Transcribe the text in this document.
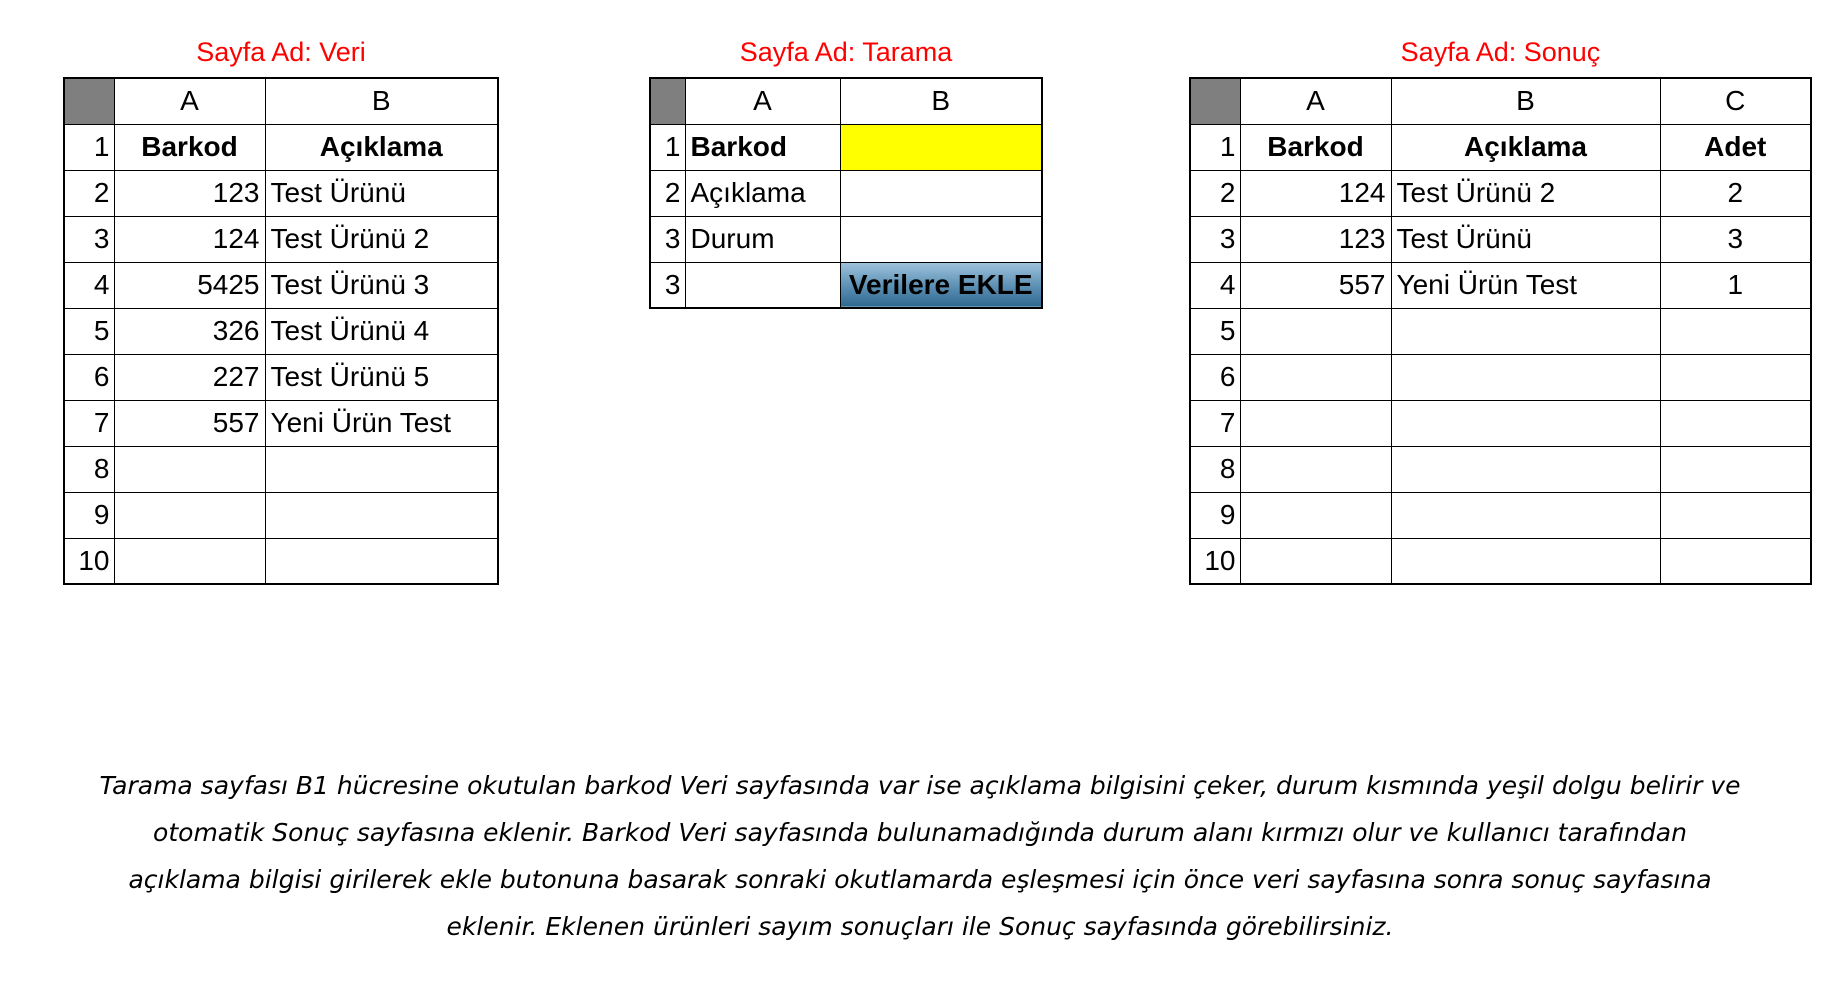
Sayfa Ad: Veri
	A	B
1	Barkod	Açıklama
2	123	Test Ürünü
3	124	Test Ürünü 2
4	5425	Test Ürünü 3
5	326	Test Ürünü 4
6	227	Test Ürünü 5
7	557	Yeni Ürün Test
8		
9		
10		
Sayfa Ad: Tarama
	A	B
1	Barkod	
2	Açıklama	
3	Durum	
3		Verilere EKLE
Sayfa Ad: Sonuç
	A	B	C
1	Barkod	Açıklama	Adet
2	124	Test Ürünü 2	2
3	123	Test Ürünü	3
4	557	Yeni Ürün Test	1
5			
6			
7			
8			
9			
10			
Tarama sayfası B1 hücresine okutulan barkod Veri sayfasında var ise açıklama bilgisini çeker, durum kısmında yeşil dolgu belirir ve
otomatik Sonuç sayfasına eklenir. Barkod Veri sayfasında bulunamadığında durum alanı kırmızı olur ve kullanıcı tarafından
açıklama bilgisi girilerek ekle butonuna basarak sonraki okutlamarda eşleşmesi için önce veri sayfasına sonra sonuç sayfasına
eklenir. Eklenen ürünleri sayım sonuçları ile Sonuç sayfasında görebilirsiniz.
